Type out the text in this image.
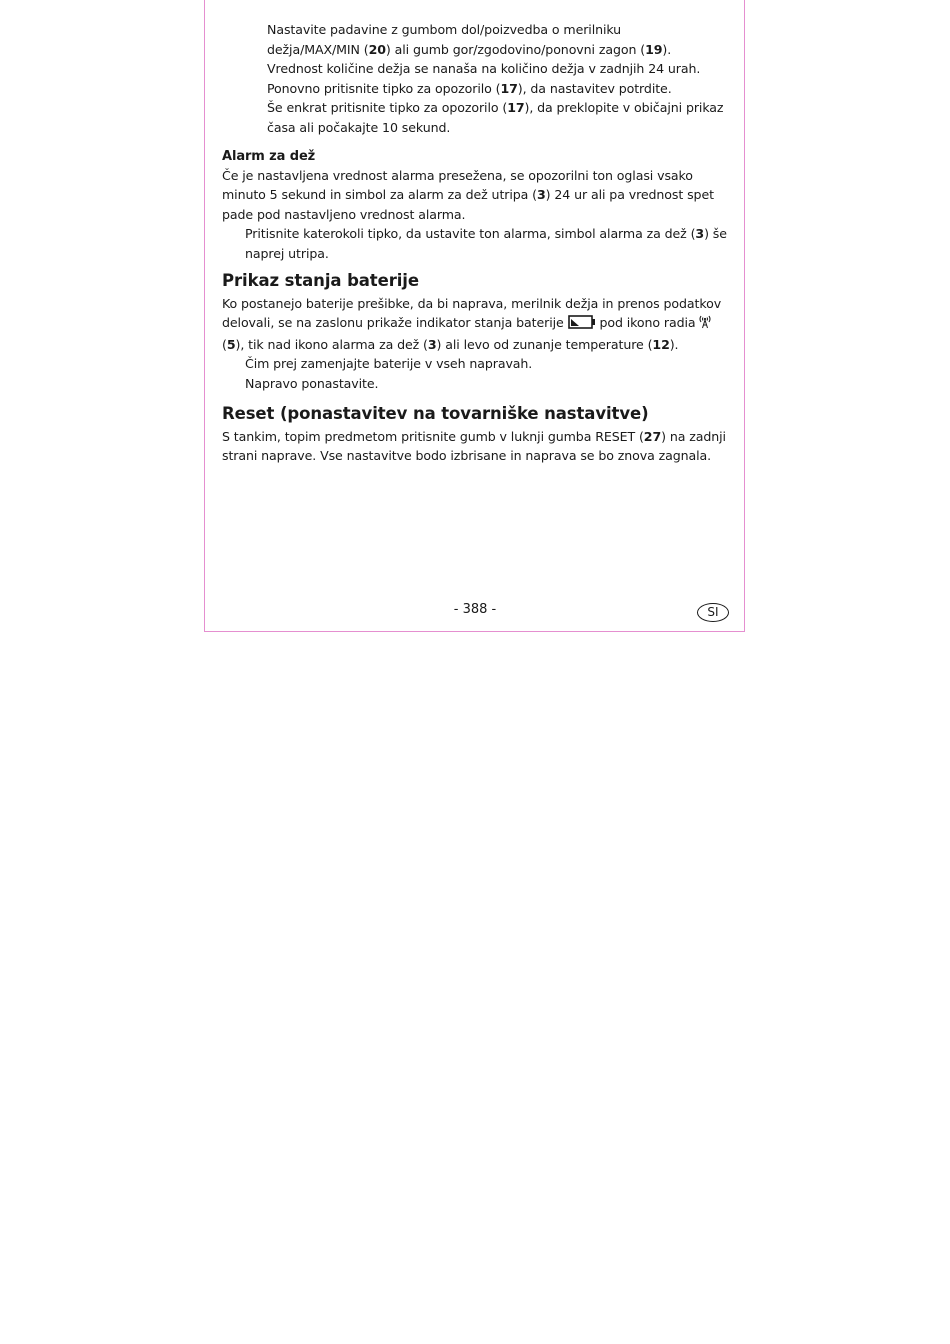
Nastavite padavine z gumbom dol/poizvedba o merilniku

dežja/MAX/MIN (20) ali gumb gor/zgodovino/ponovni zagon (19).

Vrednost količine dežja se nanaša na količino dežja v zadnjih 24 urah.

Ponovno pritisnite tipko za opozorilo (17), da nastavitev potrdite.

Še enkrat pritisnite tipko za opozorilo (17), da preklopite v običajni prikaz

časa ali počakajte 10 sekund.

Alarm za dež

Če je nastavljena vrednost alarma presežena, se opozorilni ton oglasi vsako

minuto 5 sekund in simbol za alarm za dež utripa (3) 24 ur ali pa vrednost spet

pade pod nastavljeno vrednost alarma.

Pritisnite katerokoli tipko, da ustavite ton alarma, simbol alarma za dež (3) še

naprej utripa.

Prikaz stanja baterije

Ko postanejo baterije prešibke, da bi naprava, merilnik dežja in prenos podatkov

delovali, se na zaslonu prikaže indikator stanja baterije	pod ikono radia

(5), tik nad ikono alarma za dež (3) ali levo od zunanje temperature (12).

Čim prej zamenjajte baterije v vseh napravah.

Napravo ponastavite.

Reset (ponastavitev na tovarniške nastavitve)

S tankim, topim predmetom pritisnite gumb v luknji gumba RESET (27) na zadnji

strani naprave. Vse nastavitve bodo izbrisane in naprava se bo znova zagnala.

- 388 -	SI
